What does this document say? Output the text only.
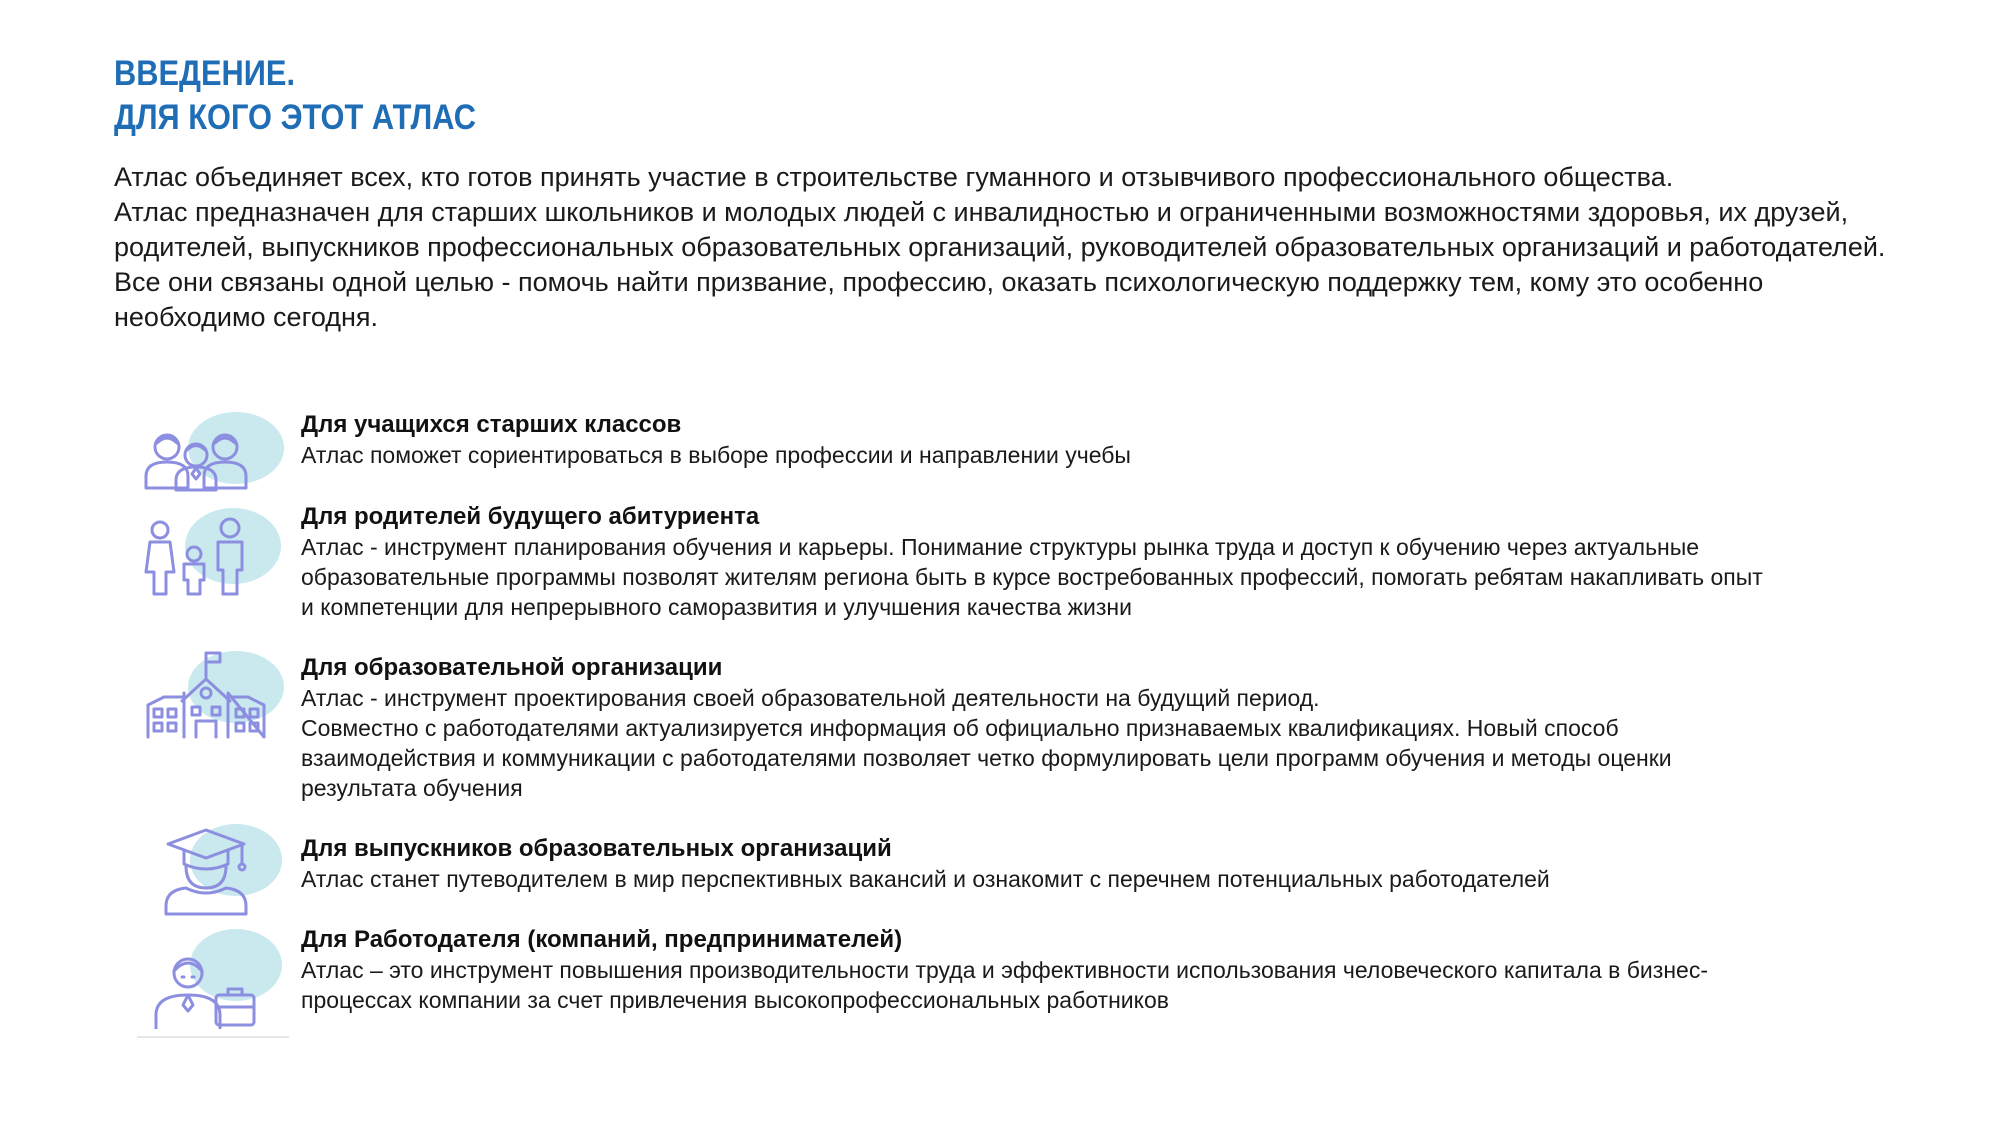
ВВЕДЕНИЕ.
ДЛЯ КОГО ЭТОТ АТЛАС

Атлас объединяет всех, кто готов принять участие в строительстве гуманного и отзывчивого профессионального общества.

Атлас предназначен для старших школьников и молодых людей с инвалидностью и ограниченными возможностями здоровья, их друзей, родителей, выпускников профессиональных образовательных организаций, руководителей образовательных организаций и работодателей.

Все они связаны одной целью - помочь найти призвание, профессию, оказать психологическую поддержку тем, кому это особенно необходимо сегодня.

Для учащихся старших классов

Атлас поможет сориентироваться в выборе профессии и направлении учебы

Для родителей будущего абитуриента

Атлас - инструмент планирования обучения и карьеры. Понимание структуры рынка труда и доступ к обучению через актуальные
образовательные программы позволят жителям региона быть в курсе востребованных профессий, помогать ребятам накапливать опыт
и компетенции для непрерывного саморазвития и улучшения качества жизни

Для образовательной организации

Атлас - инструмент проектирования своей образовательной деятельности на будущий период.
Совместно с работодателями актуализируется информация об официально признаваемых квалификациях. Новый способ
взаимодействия и коммуникации с работодателями позволяет четко формулировать цели программ обучения и методы оценки
результата обучения

Для выпускников образовательных организаций

Атлас станет путеводителем в мир перспективных вакансий и ознакомит с перечнем потенциальных работодателей

Для Работодателя (компаний, предпринимателей)

Атлас – это инструмент повышения производительности труда и эффективности использования человеческого капитала в бизнес-
процессах компании за счет привлечения высокопрофессиональных работников
